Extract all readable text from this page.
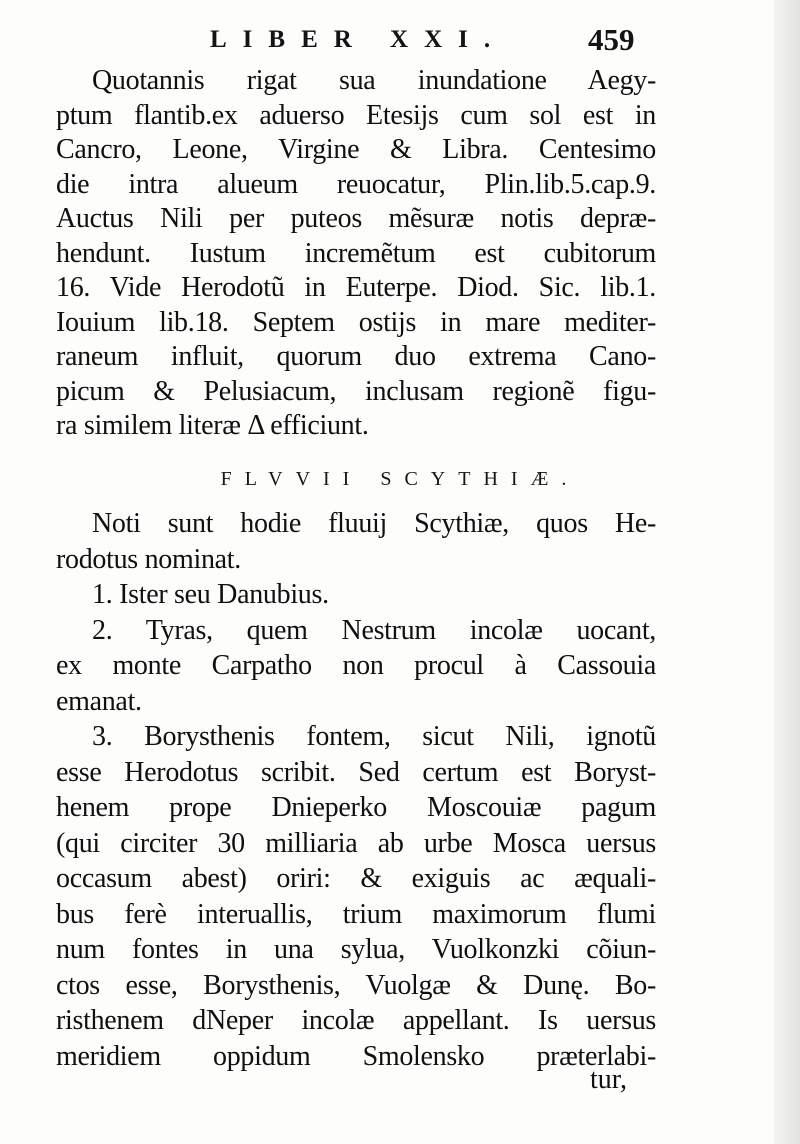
LIBER XXI.	459
Quotannis rigat sua inundatione Aegy-
ptum flantib.ex aduerso Etesijs cum sol est in
Cancro, Leone, Virgine & Libra. Centesimo
die intra alueum reuocatur, Plin.lib.5.cap.9.
Auctus Nili per puteos mẽsuræ notis depræ-
hendunt. Iustum incremẽtum est cubitorum
16. Vide Herodotũ in Euterpe. Diod. Sic. lib.1.
Iouium lib.18. Septem ostijs in mare mediter-
raneum influit, quorum duo extrema Cano-
picum & Pelusiacum, inclusam regionẽ figu-
ra similem literæ Δ efficiunt.
FLVVII SCYTHIÆ.
Noti sunt hodie fluuij Scythiæ, quos He-
rodotus nominat.
1. Ister seu Danubius.
2. Tyras, quem Nestrum incolæ uocant,
ex monte Carpatho non procul à Cassouia
emanat.
3. Borysthenis fontem, sicut Nili, ignotũ
esse Herodotus scribit. Sed certum est Boryst-
henem prope Dnieperko Moscouiæ pagum
(qui circiter 30 milliaria ab urbe Mosca uersus
occasum abest) oriri: & exiguis ac æquali-
bus ferè interuallis, trium maximorum flumi
num fontes in una sylua, Vuolkonzki cõiun-
ctos esse, Borysthenis, Vuolgæ & Dunę. Bo-
risthenem dNeper incolæ appellant. Is uersus
meridiem oppidum Smolensko præterlabi-
tur,
